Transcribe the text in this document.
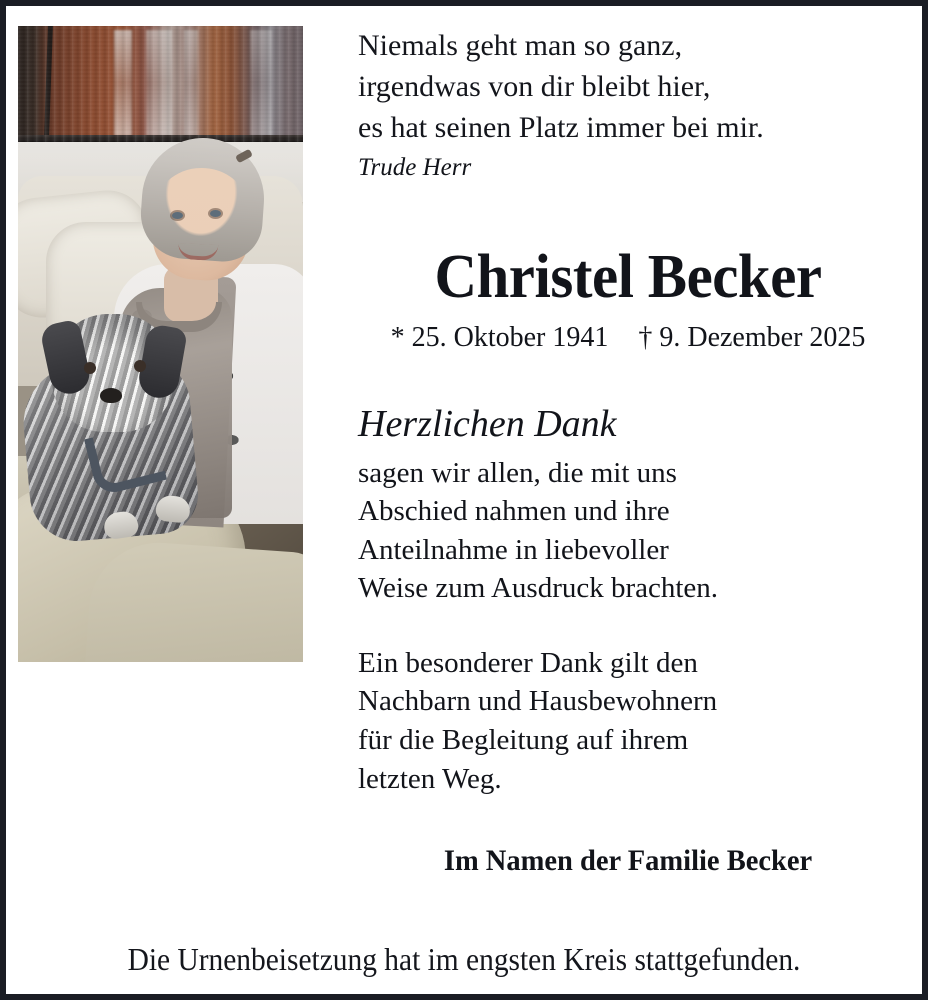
Niemals geht man so ganz,
irgendwas von dir bleibt hier,
es hat seinen Platz immer bei mir.
Trude Herr
Christel Becker
* 25. Oktober 1941 † 9. Dezember 2025
Herzlichen Dank
sagen wir allen, die mit uns
Abschied nahmen und ihre
Anteilnahme in liebevoller
Weise zum Ausdruck brachten.
Ein besonderer Dank gilt den
Nachbarn und Hausbewohnern
für die Begleitung auf ihrem
letzten Weg.
Im Namen der Familie Becker
Die Urnenbeisetzung hat im engsten Kreis stattgefunden.
